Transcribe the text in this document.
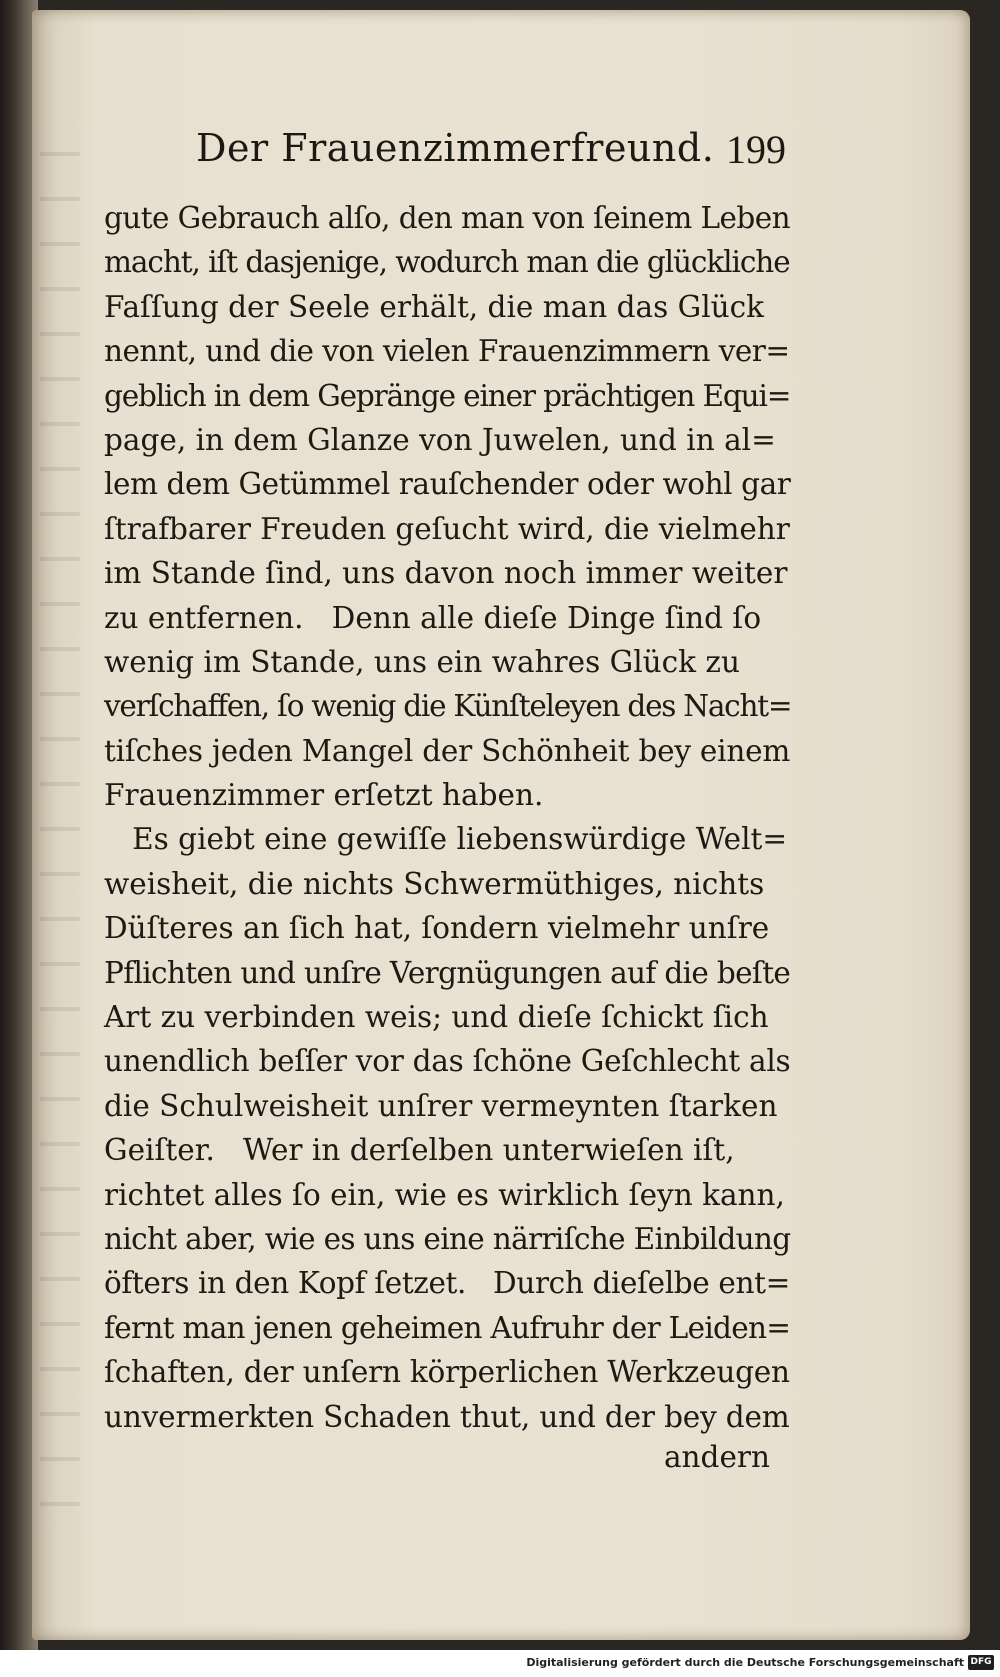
Der Frauenzimmerfreund. 199
gute Gebrauch alſo, den man von ſeinem Leben
macht, iſt dasjenige, wodurch man die glückliche
Faſſung der Seele erhält, die man das Glück
nennt, und die von vielen Frauenzimmern ver=
geblich in dem Gepränge einer prächtigen Equi=
page, in dem Glanze von Juwelen, und in al=
lem dem Getümmel rauſchender oder wohl gar
ſtrafbarer Freuden geſucht wird, die vielmehr
im Stande ſind, uns davon noch immer weiter
zu entfernen.   Denn alle dieſe Dinge ſind ſo
wenig im Stande, uns ein wahres Glück zu
verſchaffen, ſo wenig die Künſteleyen des Nacht=
tiſches jeden Mangel der Schönheit bey einem
Frauenzimmer erſetzt haben.
Es giebt eine gewiſſe liebenswürdige Welt=
weisheit, die nichts Schwermüthiges, nichts
Düſteres an ſich hat, ſondern vielmehr unſre
Pflichten und unſre Vergnügungen auf die beſte
Art zu verbinden weis; und dieſe ſchickt ſich
unendlich beſſer vor das ſchöne Geſchlecht als
die Schulweisheit unſrer vermeynten ſtarken
Geiſter.   Wer in derſelben unterwieſen iſt,
richtet alles ſo ein, wie es wirklich ſeyn kann,
nicht aber, wie es uns eine närriſche Einbildung
öfters in den Kopf ſetzet.   Durch dieſelbe ent=
fernt man jenen geheimen Aufruhr der Leiden=
ſchaften, der unſern körperlichen Werkzeugen
unvermerkten Schaden thut, und der bey dem
andern
Digitalisierung gefördert durch die Deutsche Forschungsgemeinschaft DFG
